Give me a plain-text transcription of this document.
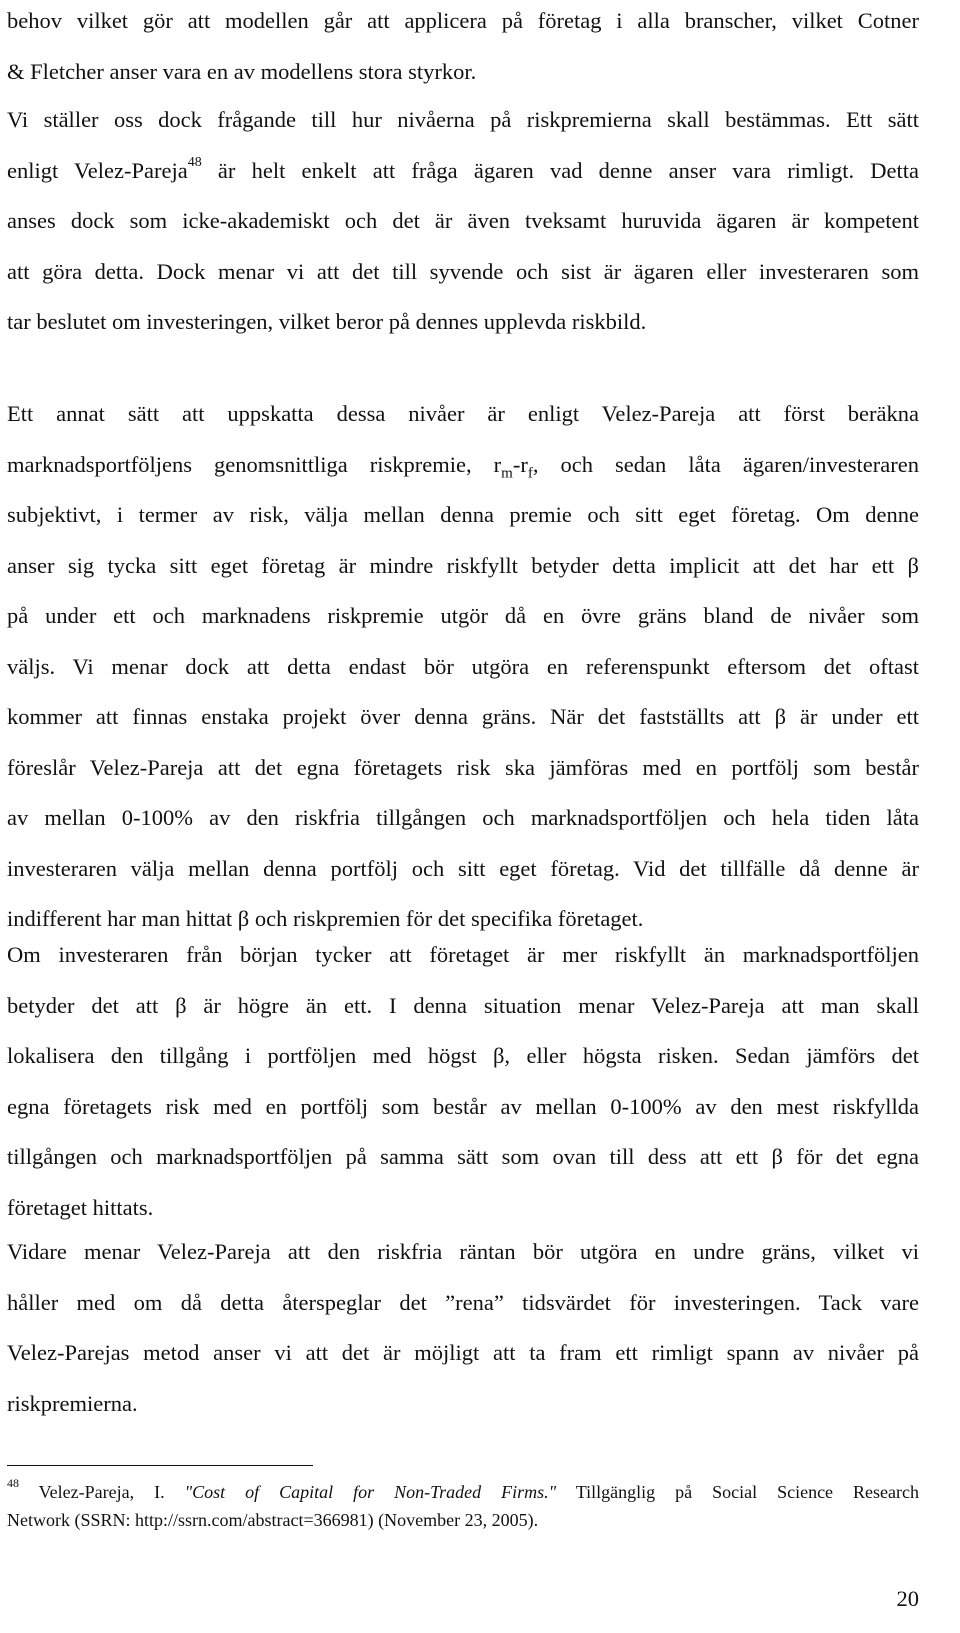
behov vilket gör att modellen går att applicera på företag i alla branscher, vilket Cotner
& Fletcher anser vara en av modellens stora styrkor.
Vi ställer oss dock frågande till hur nivåerna på riskpremierna skall bestämmas. Ett sätt
enligt Velez-Pareja$^{48}$ är helt enkelt att fråga ägaren vad denne anser vara rimligt. Detta
anses dock som icke-akademiskt och det är även tveksamt huruvida ägaren är kompetent
att göra detta. Dock menar vi att det till syvende och sist är ägaren eller investeraren som
tar beslutet om investeringen, vilket beror på dennes upplevda riskbild.
Ett annat sätt att uppskatta dessa nivåer är enligt Velez-Pareja att först beräkna
marknadsportföljens genomsnittliga riskpremie, $r_m-r_f$, och sedan låta ägaren/investeraren
subjektivt, i termer av risk, välja mellan denna premie och sitt eget företag. Om denne
anser sig tycka sitt eget företag är mindre riskfyllt betyder detta implicit att det har ett β
på under ett och marknadens riskpremie utgör då en övre gräns bland de nivåer som
väljs. Vi menar dock att detta endast bör utgöra en referenspunkt eftersom det oftast
kommer att finnas enstaka projekt över denna gräns. När det fastställts att β är under ett
föreslår Velez-Pareja att det egna företagets risk ska jämföras med en portfölj som består
av mellan 0-100% av den riskfria tillgången och marknadsportföljen och hela tiden låta
investeraren välja mellan denna portfölj och sitt eget företag. Vid det tillfälle då denne är
indifferent har man hittat β och riskpremien för det specifika företaget.
Om investeraren från början tycker att företaget är mer riskfyllt än marknadsportföljen
betyder det att β är högre än ett. I denna situation menar Velez-Pareja att man skall
lokalisera den tillgång i portföljen med högst β, eller högsta risken. Sedan jämförs det
egna företagets risk med en portfölj som består av mellan 0-100% av den mest riskfyllda
tillgången och marknadsportföljen på samma sätt som ovan till dess att ett β för det egna
företaget hittats.
Vidare menar Velez-Pareja att den riskfria räntan bör utgöra en undre gräns, vilket vi
håller med om då detta återspeglar det ”rena” tidsvärdet för investeringen. Tack vare
Velez-Parejas metod anser vi att det är möjligt att ta fram ett rimligt spann av nivåer på
riskpremierna.
$^{48}$ Velez-Pareja, I. "Cost of Capital for Non-Traded Firms." Tillgänglig på Social Science Research
Network (SSRN: http://ssrn.com/abstract=366981) (November 23, 2005).
20
